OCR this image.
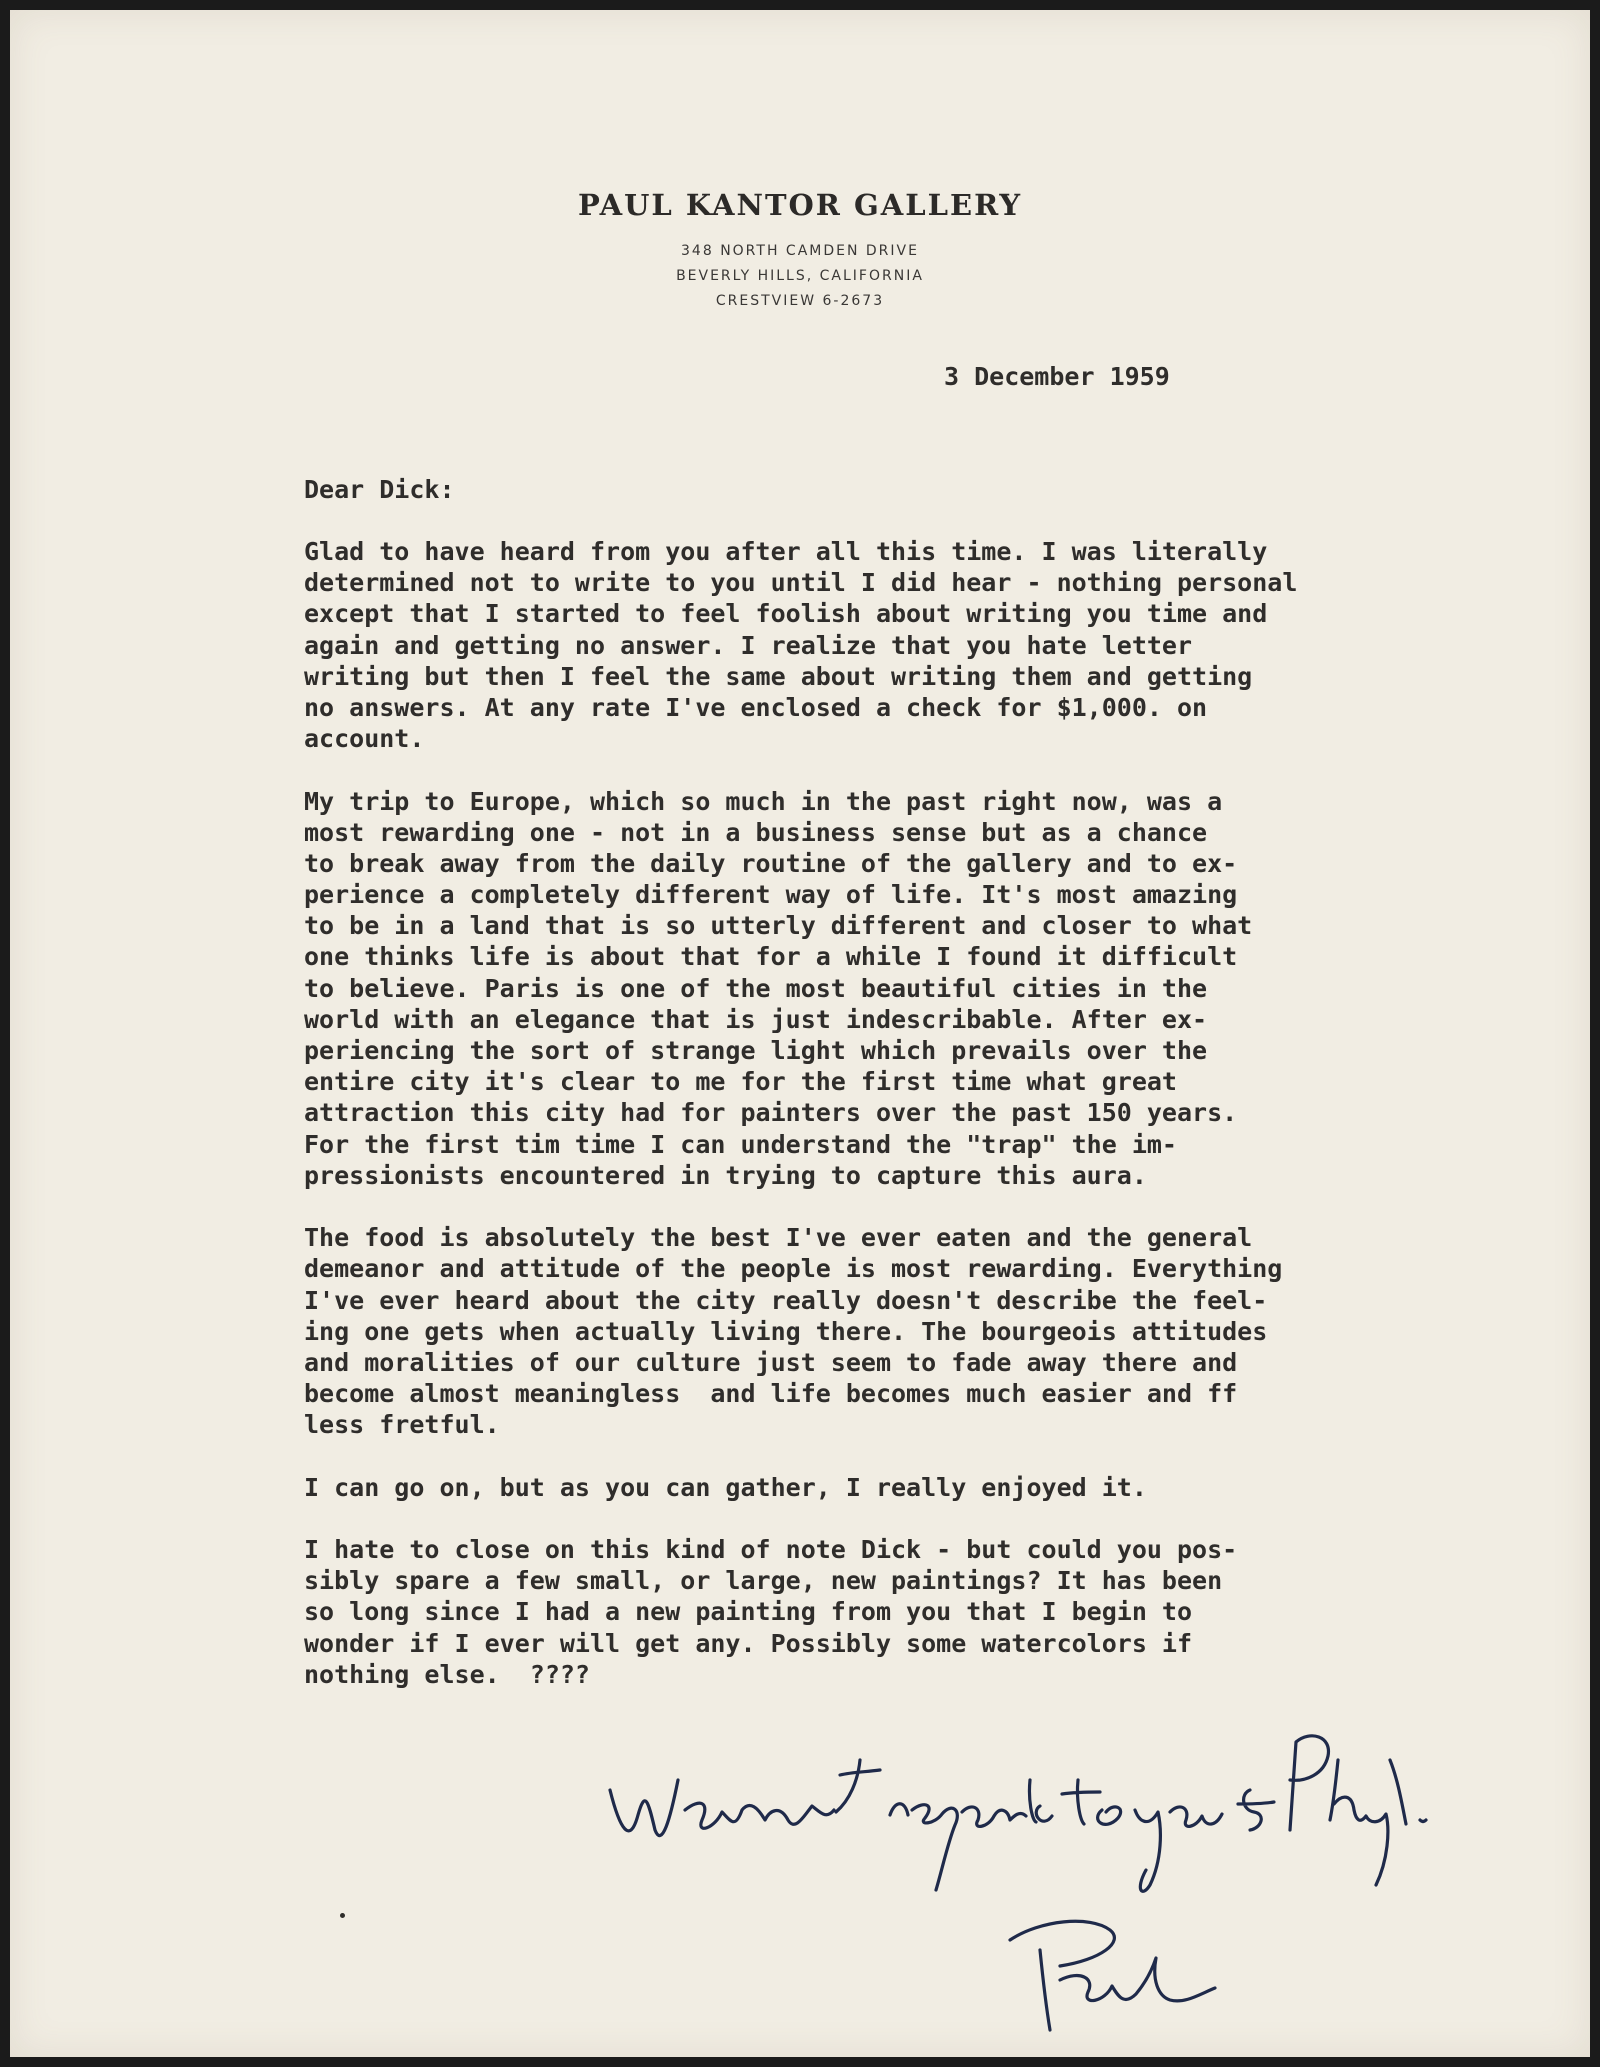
PAUL KANTOR GALLERY
348 NORTH CAMDEN DRIVE
BEVERLY HILLS, CALIFORNIA
CRESTVIEW 6-2673
3 December 1959
Dear Dick:
Glad to have heard from you after all this time. I was literally
determined not to write to you until I did hear - nothing personal
except that I started to feel foolish about writing you time and
again and getting no answer. I realize that you hate letter
writing but then I feel the same about writing them and getting
no answers. At any rate I've enclosed a check for $1,000. on
account.
My trip to Europe, which so much in the past right now, was a
most rewarding one - not in a business sense but as a chance
to break away from the daily routine of the gallery and to ex-
perience a completely different way of life. It's most amazing
to be in a land that is so utterly different and closer to what
one thinks life is about that for a while I found it difficult
to believe. Paris is one of the most beautiful cities in the
world with an elegance that is just indescribable. After ex-
periencing the sort of strange light which prevails over the
entire city it's clear to me for the first time what great
attraction this city had for painters over the past 150 years.
For the first tim time I can understand the "trap" the im-
pressionists encountered in trying to capture this aura.
The food is absolutely the best I've ever eaten and the general
demeanor and attitude of the people is most rewarding. Everything
I've ever heard about the city really doesn't describe the feel-
ing one gets when actually living there. The bourgeois attitudes
and moralities of our culture just seem to fade away there and
become almost meaningless  and life becomes much easier and ff
less fretful.
I can go on, but as you can gather, I really enjoyed it.
I hate to close on this kind of note Dick - but could you pos-
sibly spare a few small, or large, new paintings? It has been
so long since I had a new painting from you that I begin to
wonder if I ever will get any. Possibly some watercolors if
nothing else.  ????
